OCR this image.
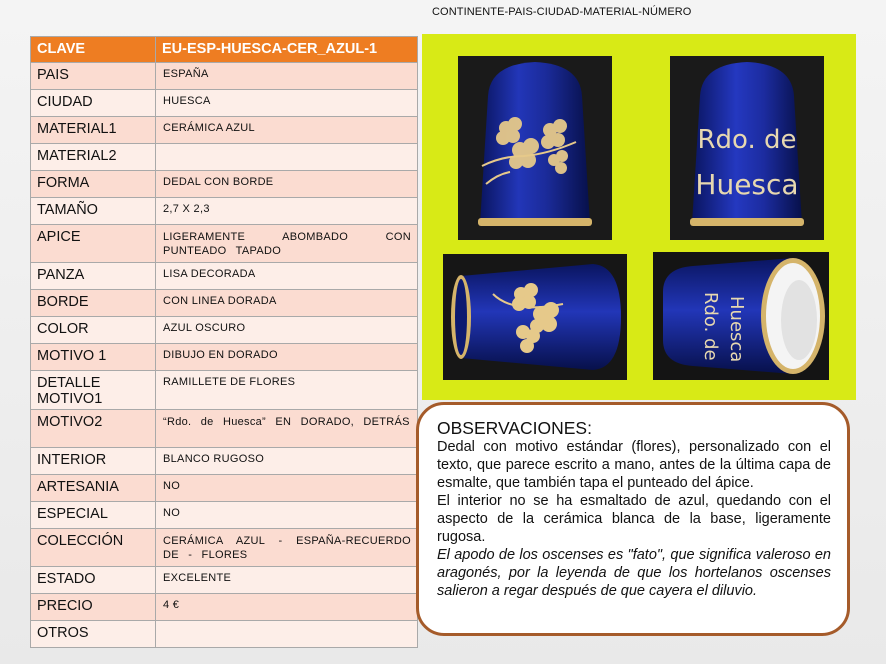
CONTINENTE-PAIS-CIUDAD-MATERIAL-NÚMERO
CLAVE	EU-ESP-HUESCA-CER_AZUL-1
PAIS	ESPAÑA
CIUDAD	HUESCA
MATERIAL1	CERÁMICA AZUL
MATERIAL2	
FORMA	DEDAL CON BORDE
TAMAÑO	2,7 X 2,3
APICE	LIGERAMENTE ABOMBADO CON PUNTEADO TAPADO
PANZA	LISA DECORADA
BORDE	CON LINEA DORADA
COLOR	AZUL OSCURO
MOTIVO 1	DIBUJO EN DORADO
DETALLE MOTIVO1	RAMILLETE DE FLORES
MOTIVO2	“Rdo. de Huesca” EN DORADO, DETRÁS
INTERIOR	BLANCO RUGOSO
ARTESANIA	NO
ESPECIAL	NO
COLECCIÓN	CERÁMICA AZUL - ESPAÑA-RECUERDO DE - FLORES
ESTADO	EXCELENTE
PRECIO	4 €
OTROS	
Rdo. de
Huesca
Rdo. de Huesca
OBSERVACIONES:

Dedal con motivo estándar (flores), personalizado con el texto, que parece escrito a mano, antes de la última capa de esmalte, que también tapa el punteado del ápice.

El interior no se ha esmaltado de azul, quedando con el aspecto de la cerámica blanca de la base, ligeramente rugosa.

El apodo de los oscenses es "fato", que significa valeroso en aragonés, por la leyenda de que los hortelanos oscenses salieron a regar después de que cayera el diluvio.
